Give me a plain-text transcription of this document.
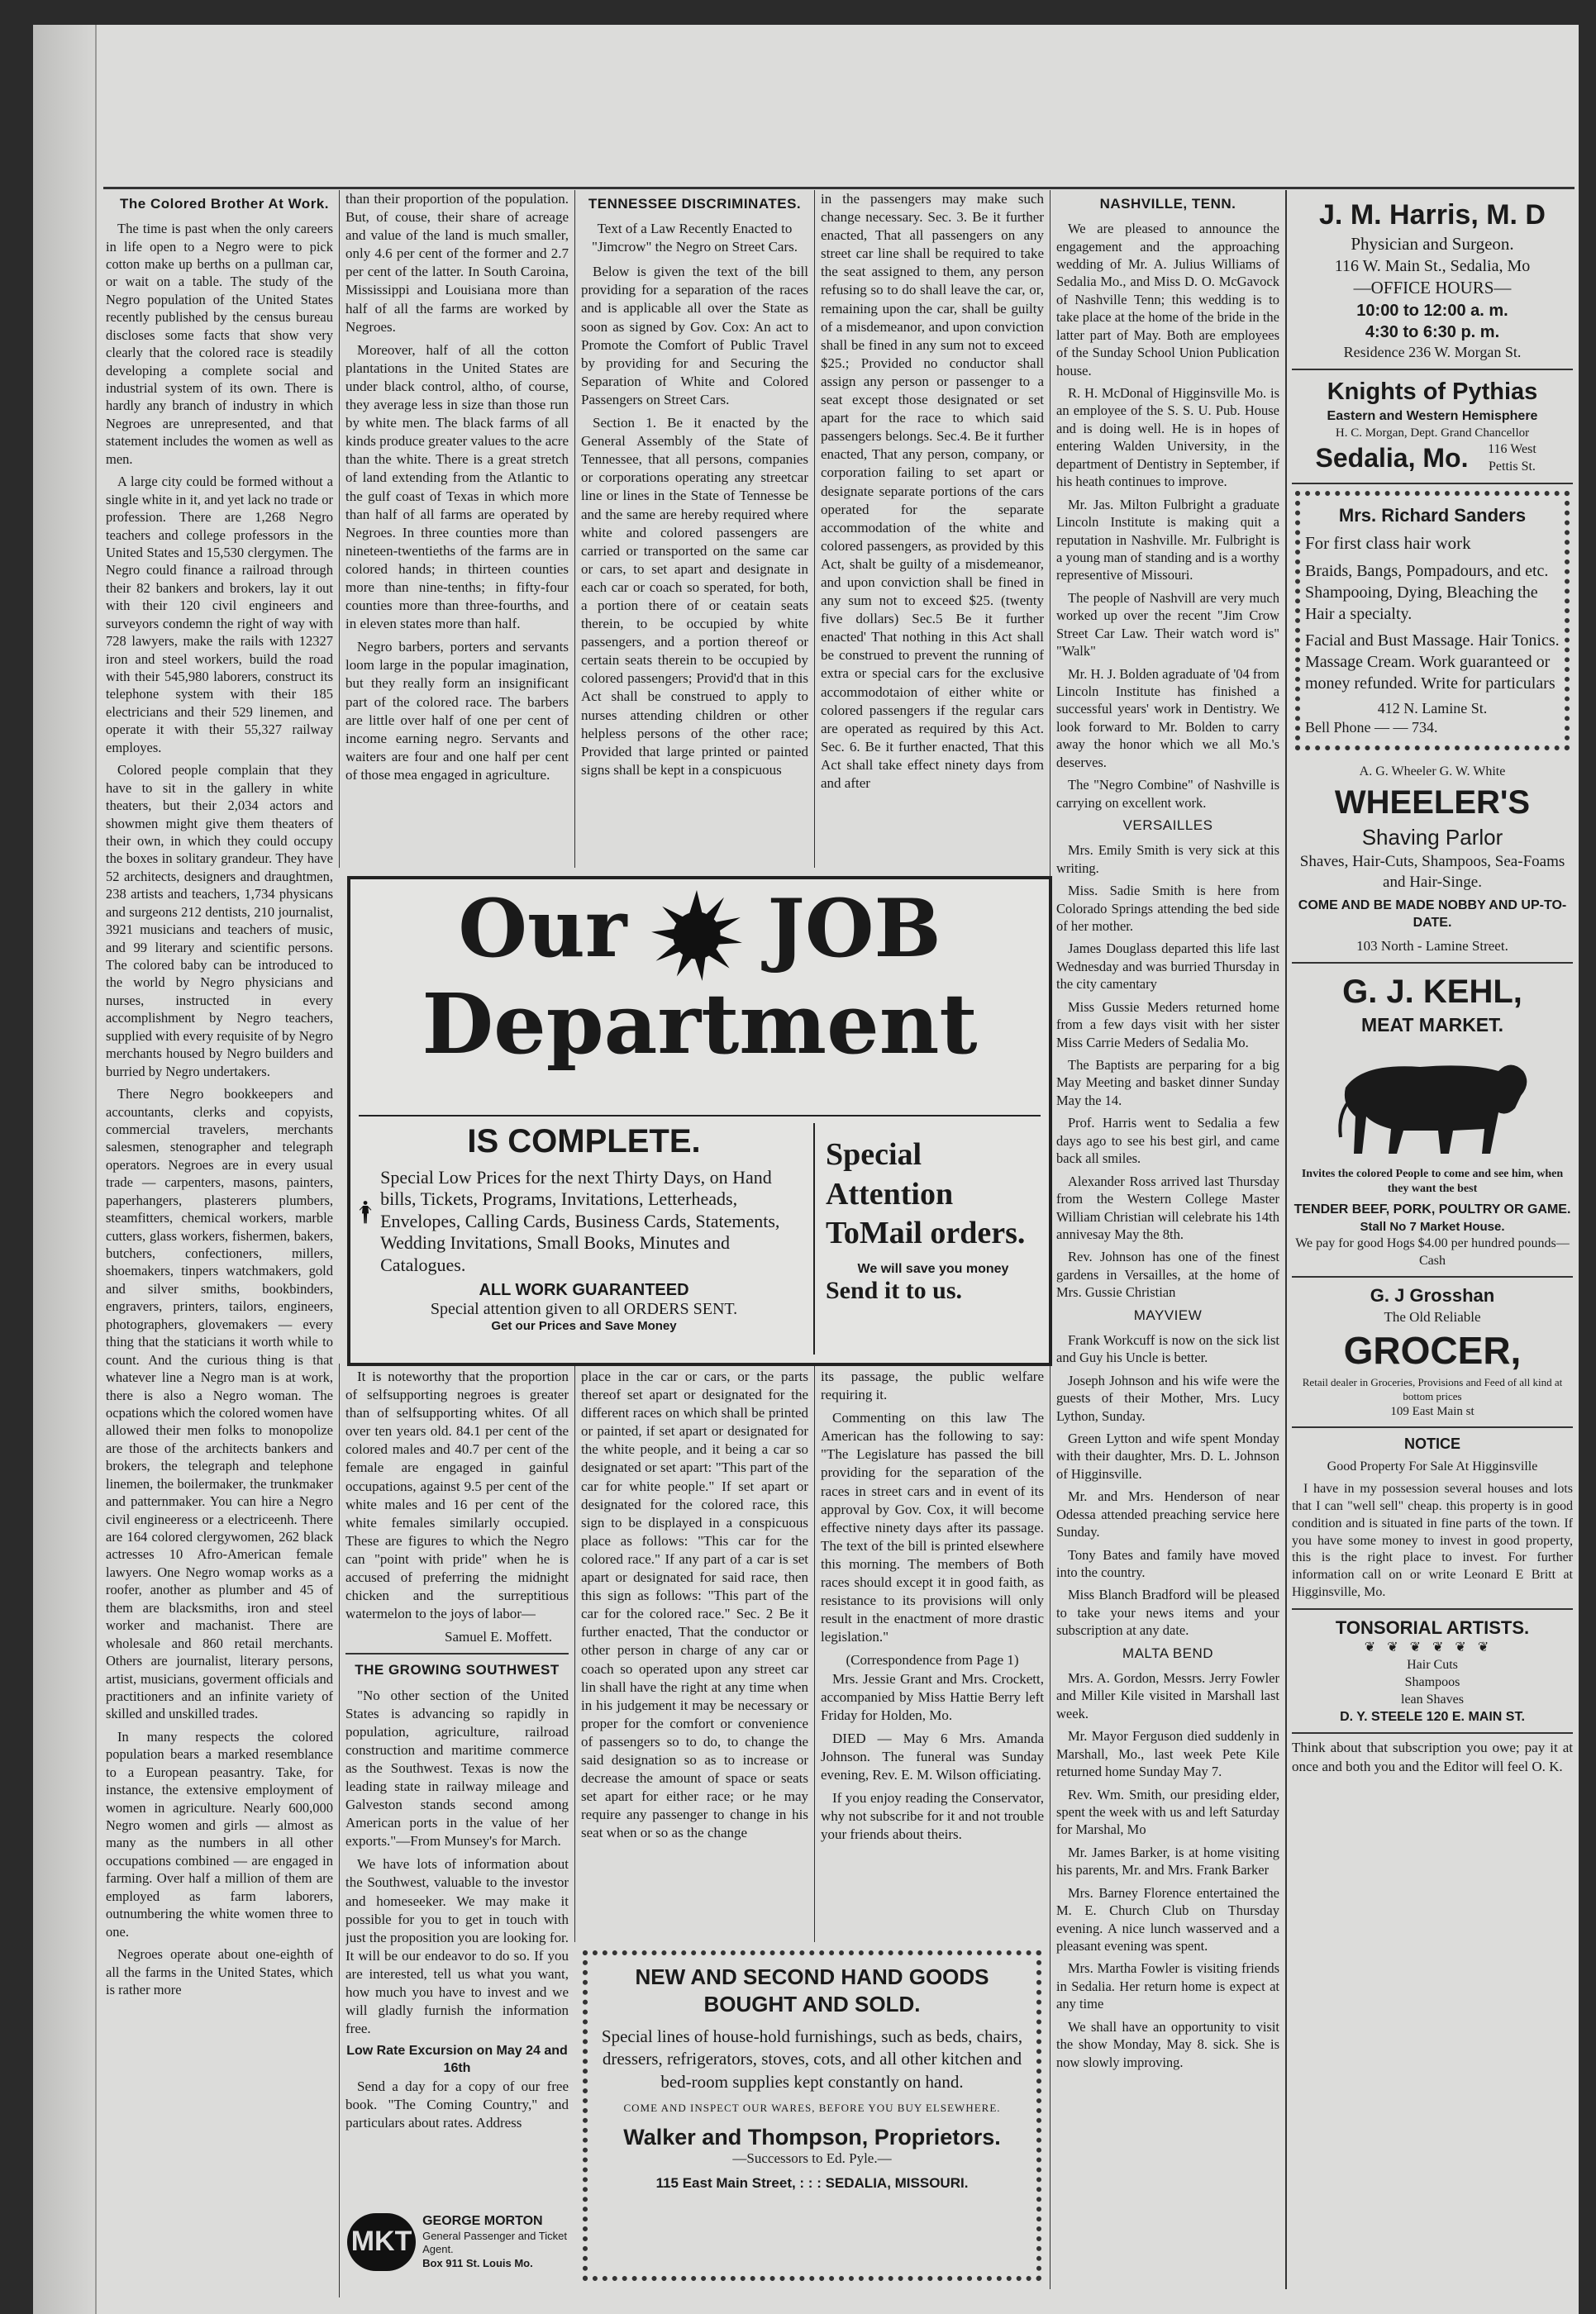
The Colored Brother At Work.

The time is past when the only careers in life open to a Negro were to pick cotton make up berths on a pullman car, or wait on a table. The study of the Negro population of the United States recently published by the census bureau discloses some facts that show very clearly that the colored race is steadily developing a complete social and industrial system of its own. There is hardly any branch of industry in which Negroes are unrepresented, and that statement includes the women as well as men.

A large city could be formed without a single white in it, and yet lack no trade or profession. There are 1,268 Negro teachers and college professors in the United States and 15,530 clergymen. The Negro could finance a railroad through their 82 bankers and brokers, lay it out with their 120 civil engineers and surveyors condemn the right of way with 728 lawyers, make the rails with 12327 iron and steel workers, build the road with their 545,980 laborers, construct its telephone system with their 185 electricians and their 529 linemen, and operate it with their 55,327 railway employes.

Colored people complain that they have to sit in the gallery in white theaters, but their 2,034 actors and showmen might give them theaters of their own, in which they could occupy the boxes in solitary grandeur. They have 52 architects, designers and draughtmen, 238 artists and teachers, 1,734 physicans and surgeons 212 dentists, 210 journalist, 3921 musicians and teachers of music, and 99 literary and scientific persons. The colored baby can be introduced to the world by Negro physicians and nurses, instructed in every accomplishment by Negro teachers, supplied with every requisite of by Negro merchants housed by Negro builders and burried by Negro undertakers.

There Negro bookkeepers and accountants, clerks and copyists, commercial travelers, merchants salesmen, stenographer and telegraph operators. Negroes are in every usual trade — carpenters, masons, painters, paperhangers, plasterers plumbers, steamfitters, chemical workers, marble cutters, glass workers, fishermen, bakers, butchers, confectioners, millers, shoemakers, tinpers watchmakers, gold and silver smiths, bookbinders, engravers, printers, tailors, engineers, photographers, glovemakers — every thing that the staticians it worth while to count. And the curious thing is that whatever line a Negro man is at work, there is also a Negro woman. The ocpations which the colored women have allowed their men folks to monopolize are those of the architects bankers and brokers, the telegraph and telephone linemen, the boilermaker, the trunkmaker and patternmaker. You can hire a Negro civil engineeress or a electriceenh. There are 164 colored clergywomen, 262 black actresses 10 Afro-American female lawyers. One Negro womap works as a roofer, another as plumber and 45 of them are blacksmiths, iron and steel worker and machanist. There are wholesale and 860 retail merchants. Others are journalist, literary persons, artist, musicians, goverment officials and practitioners and an infinite variety of skilled and unskilled trades.

In many respects the colored population bears a marked resemblance to a European peasantry. Take, for instance, the extensive employment of women in agriculture. Nearly 600,000 Negro women and girls — almost as many as the numbers in all other occupations combined — are engaged in farming. Over half a million of them are employed as farm laborers, outnumbering the white women three to one.

Negroes operate about one-eighth of all the farms in the United States, which is rather more

than their proportion of the population. But, of couse, their share of acreage and value of the land is much smaller, only 4.6 per cent of the former and 2.7 per cent of the latter. In South Caroina, Mississippi and Louisiana more than half of all the farms are worked by Negroes.

Moreover, half of all the cotton plantations in the United States are under black control, altho, of course, they average less in size than those run by white men. The black farms of all kinds produce greater values to the acre than the white. There is a great stretch of land extending from the Atlantic to the gulf coast of Texas in which more than half of all farms are operated by Negroes. In three counties more than nineteen-twentieths of the farms are in colored hands; in thirteen counties more than nine-tenths; in fifty-four counties more than three-fourths, and in eleven states more than half.

Negro barbers, porters and servants loom large in the popular imagination, but they really form an insignificant part of the colored race. The barbers are little over half of one per cent of income earning negro. Servants and waiters are four and one half per cent of those mea engaged in agriculture.

TENNESSEE DISCRIMINATES.
Text of a Law Recently Enacted to "Jimcrow" the Negro on Street Cars.

Below is given the text of the bill providing for a separation of the races and is applicable all over the State as soon as signed by Gov. Cox: An act to Promote the Comfort of Public Travel by providing for and Securing the Separation of White and Colored Passengers on Street Cars.

Section 1. Be it enacted by the General Assembly of the State of Tennessee, that all persons, companies or corporations operating any streetcar line or lines in the State of Tennesse be and the same are hereby required where white and colored passengers are carried or transported on the same car or cars, to set apart and designate in each car or coach so sperated, for both, a portion there of or ceatain seats therein, to be occupied by white passengers, and a portion thereof or certain seats therein to be occupied by colored passengers; Provid'd that in this Act shall be construed to apply to nurses attending children or other helpless persons of the other race; Provided that large printed or painted signs shall be kept in a conspicuous

in the passengers may make such change necessary. Sec. 3. Be it further enacted, That all passengers on any street car line shall be required to take the seat assigned to them, any person refusing so to do shall leave the car, or, remaining upon the car, shall be guilty of a misdemeanor, and upon conviction shall be fined in any sum not to exceed $25.; Provided no conductor shall assign any person or passenger to a seat except those designated or set apart for the race to which said passengers belongs. Sec.4. Be it further enacted, That any person, company, or corporation failing to set apart or designate separate portions of the cars operated for the separate accommodation of the white and colored passengers, as provided by this Act, shalt be guilty of a misdemeanor, and upon conviction shall be fined in any sum not to exceed $25. (twenty five dollars) Sec.5 Be it further enacted' That nothing in this Act shall be construed to prevent the running of extra or special cars for the exclusive accommodotaion of either white or colored passengers if the regular cars are operated as required by this Act. Sec. 6. Be it further enacted, That this Act shall take effect ninety days from and after

NASHVILLE, TENN.

We are pleased to announce the engagement and the approaching wedding of Mr. A. Julius Williams of Sedalia Mo., and Miss D. O. McGavock of Nashville Tenn; this wedding is to take place at the home of the bride in the latter part of May. Both are employees of the Sunday School Union Publication house.

R. H. McDonal of Higginsville Mo. is an employee of the S. S. U. Pub. House and is doing well. He is in hopes of entering Walden University, in the department of Dentistry in September, if his heath continues to improve.

Mr. Jas. Milton Fulbright a graduate Lincoln Institute is making quit a reputation in Nashville. Mr. Fulbright is a young man of standing and is a worthy representive of Missouri.

The people of Nashvill are very much worked up over the recent "Jim Crow Street Car Law. Their watch word is" "Walk"

Mr. H. J. Bolden agraduate of '04 from Lincoln Institute has finished a successful years' work in Dentistry. We look forward to Mr. Bolden to carry away the honor which we all Mo.'s deserves.

The "Negro Combine" of Nashville is carrying on excellent work.

VERSAILLES

Mrs. Emily Smith is very sick at this writing.

Miss. Sadie Smith is here from Colorado Springs attending the bed side of her mother.

James Douglass departed this life last Wednesday and was burried Thursday in the city camentary

Miss Gussie Meders returned home from a few days visit with her sister Miss Carrie Meders of Sedalia Mo.

The Baptists are perparing for a big May Meeting and basket dinner Sunday May the 14.

Prof. Harris went to Sedalia a few days ago to see his best girl, and came back all smiles.

Alexander Ross arrived last Thursday from the Western College Master William Christian will celebrate his 14th annivesay May the 8th.

Rev. Johnson has one of the finest gardens in Versailles, at the home of Mrs. Gussie Christian

MAYVIEW

Frank Workcuff is now on the sick list and Guy his Uncle is better.

Joseph Johnson and his wife were the guests of their Mother, Mrs. Lucy Lython, Sunday.

Green Lytton and wife spent Monday with their daughter, Mrs. D. L. Johnson of Higginsville.

Mr. and Mrs. Henderson of near Odessa attended preaching service here Sunday.

Tony Bates and family have moved into the country.

Miss Blanch Bradford will be pleased to take your news items and your subscription at any date.

MALTA BEND

Mrs. A. Gordon, Messrs. Jerry Fowler and Miller Kile visited in Marshall last week.

Mr. Mayor Ferguson died suddenly in Marshall, Mo., last week Pete Kile returned home Sunday May 7.

Rev. Wm. Smith, our presiding elder, spent the week with us and left Saturday for Marshal, Mo

Mr. James Barker, is at home visiting his parents, Mr. and Mrs. Frank Barker

Mrs. Barney Florence entertained the M. E. Church Club on Thursday evening. A nice lunch wasserved and a pleasant evening was spent.

Mrs. Martha Fowler is visiting friends in Sedalia. Her return home is expect at any time

We shall have an opportunity to visit the show Monday, May 8. sick. She is now slowly improving.

J. M. Harris, M. D
Physician and Surgeon.
116 W. Main St., Sedalia, Mo
—OFFICE HOURS—
10:00 to 12:00 a. m.
4:30 to 6:30 p. m.
Residence 236 W. Morgan St.
Knights of Pythias
Eastern and Western Hemisphere
H. C. Morgan, Dept. Grand Chancellor
Sedalia, Mo.	116 West Pettis St.
Mrs. Richard Sanders
For first class hair work
Braids, Bangs, Pompadours, and etc. Shampooing, Dying, Bleaching the Hair a specialty.
Facial and Bust Massage. Hair Tonics. Massage Cream. Work guaranteed or money refunded. Write for particulars
412 N. Lamine St.
Bell Phone — — 734.
A. G. Wheeler G. W. White
WHEELER'S
Shaving Parlor
Shaves, Hair-Cuts, Shampoos, Sea-Foams and Hair-Singe.
COME AND BE MADE NOBBY AND UP-TO-DATE.
103 North - Lamine Street.
G. J. KEHL,
MEAT MARKET.
Invites the colored People to come and see him, when they want the best
TENDER BEEF, PORK, POULTRY OR GAME.
Stall No 7 Market House.
We pay for good Hogs $4.00 per hundred pounds—Cash
G. J Grosshan
The Old Reliable
GROCER,
Retail dealer in Groceries, Provisions and Feed of all kind at bottom prices
109 East Main st
NOTICE
Good Property For Sale At Higginsville
I have in my possession several houses and lots that I can "well sell" cheap. this property is in good condition and is situated in fine parts of the town. If you have some money to invest in good property, this is the right place to invest. For further information call on or write Leonard E Britt at Higginsville, Mo.
TONSORIAL ARTISTS.
❦❦❦❦❦❦
Hair Cuts
Shampoos
lean Shaves
D. Y. STEELE 120 E. MAIN ST.
Think about that subscription you owe; pay it at once and both you and the Editor will feel O. K.
Our JOB
Department
IS COMPLETE.
Special Low Prices for the next Thirty Days, on Hand bills, Tickets, Programs, Invitations, Letterheads, Envelopes, Calling Cards, Business Cards, Statements, Wedding Invitations, Small Books, Minutes and Catalogues.
ALL WORK GUARANTEED
Special attention given to all ORDERS SENT.
Get our Prices and Save Money
Special Attention ToMail orders.
We will save you money
Send it to us.

It is noteworthy that the proportion of selfsupporting negroes is greater than of selfsupporting whites. Of all over ten years old. 84.1 per cent of the colored males and 40.7 per cent of the female are engaged in gainful occupations, against 9.5 per cent of the white males and 16 per cent of the white females similarly occupied. These are figures to which the Negro can "point with pride" when he is accused of preferring the midnight chicken and the surreptitious watermelon to the joys of labor—

Samuel E. Moffett.
THE GROWING SOUTHWEST

"No other section of the United States is advancing so rapidly in population, agriculture, railroad construction and maritime commerce as the Southwest. Texas is now the leading state in railway mileage and Galveston stands second among American ports in the value of her exports."—From Munsey's for March.

We have lots of information about the Southwest, valuable to the investor and homeseeker. We may make it possible for you to get in touch with just the proposition you are looking for. It will be our endeavor to do so. If you are interested, tell us what you want, how much you have to invest and we will gladly furnish the information free.

Low Rate Excursion on May 24 and 16th

Send a day for a copy of our free book. "The Coming Country," and particulars about rates. Address

MKT
GEORGE MORTON
General Passenger and Ticket Agent.
Box 911 St. Louis Mo.

place in the car or cars, or the parts thereof set apart or designated for the different races on which shall be printed or painted, if set apart or designated for the white people, and it being a car so designated or set apart: "This part of the car for white people." If set apart or designated for the colored race, this sign to be displayed in a conspicuous place as follows: "This car for the colored race." If any part of a car is set apart or designated for said race, then this sign as follows: "This part of the car for the colored race." Sec. 2 Be it further enacted, That the conductor or other person in charge of any car or coach so operated upon any street car lin shall have the right at any time when in his judgement it may be necessary or proper for the comfort or convenience of passengers so to do, to change the said designation so as to increase or decrease the amount of space or seats set apart for either race; or he may require any passenger to change in his seat when or so as the change

its passage, the public welfare requiring it.

Commenting on this law The American has the following to say: "The Legislature has passed the bill providing for the separation of the races in street cars and in event of its approval by Gov. Cox, it will become effective ninety days after its passage. The text of the bill is printed elsewhere this morning. The members of Both races should except it in good faith, as resistance to its provisions will only result in the enactment of more drastic legislation."

(Correspondence from Page 1)

Mrs. Jessie Grant and Mrs. Crockett, accompanied by Miss Hattie Berry left Friday for Holden, Mo.

DIED — May 6 Mrs. Amanda Johnson. The funeral was Sunday evening, Rev. E. M. Wilson officiating.

If you enjoy reading the Conservator, why not subscribe for it and not trouble your friends about theirs.

NEW AND SECOND HAND GOODS BOUGHT AND SOLD.
Special lines of house-hold furnishings, such as beds, chairs, dressers, refrigerators, stoves, cots, and all other kitchen and bed-room supplies kept constantly on hand.
COME AND INSPECT OUR WARES, BEFORE YOU BUY ELSEWHERE.
Walker and Thompson, Proprietors.
—Successors to Ed. Pyle.—
115 East Main Street, : : : SEDALIA, MISSOURI.
